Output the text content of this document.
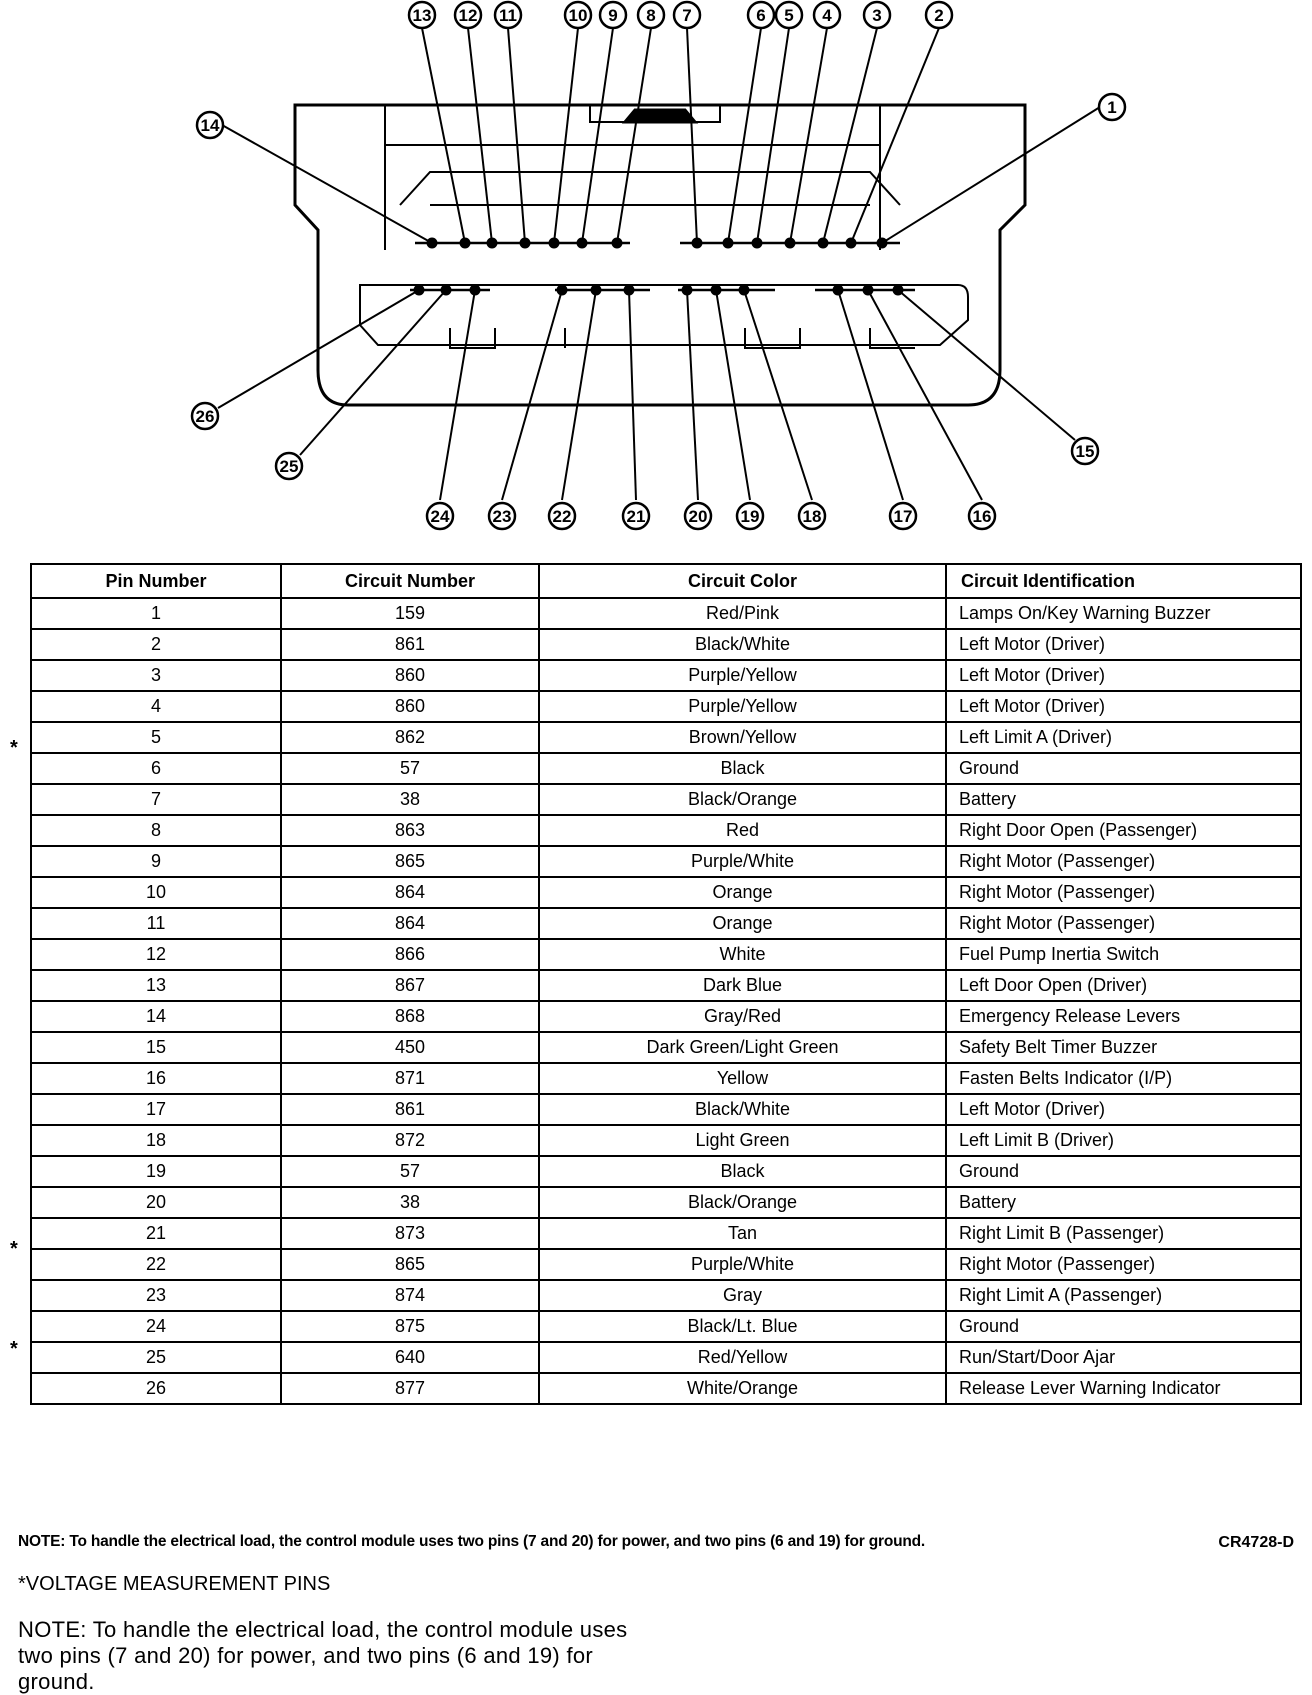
13 12 11	10 9 8 7	6 5 4 3	2
14
1
24	23 22	21	20 19	18	17	16
26
25
15
Pin Number	Circuit Number	Circuit Color	Circuit Identification
1	159	Red/Pink	Lamps On/Key Warning Buzzer
2	861	Black/White	Left Motor (Driver)
3	860	Purple/Yellow	Left Motor (Driver)
4	860	Purple/Yellow	Left Motor (Driver)
5	862	Brown/Yellow	Left Limit A (Driver)
6	57	Black	Ground
7	38	Black/Orange	Battery
8	863	Red	Right Door Open (Passenger)
9	865	Purple/White	Right Motor (Passenger)
10	864	Orange	Right Motor (Passenger)
11	864	Orange	Right Motor (Passenger)
12	866	White	Fuel Pump Inertia Switch
13	867	Dark Blue	Left Door Open (Driver)
14	868	Gray/Red	Emergency Release Levers
15	450	Dark Green/Light Green	Safety Belt Timer Buzzer
16	871	Yellow	Fasten Belts Indicator (I/P)
17	861	Black/White	Left Motor (Driver)
18	872	Light Green	Left Limit B (Driver)
19	57	Black	Ground
20	38	Black/Orange	Battery
21	873	Tan	Right Limit B (Passenger)
22	865	Purple/White	Right Motor (Passenger)
23	874	Gray	Right Limit A (Passenger)
24	875	Black/Lt. Blue	Ground
25	640	Red/Yellow	Run/Start/Door Ajar
26	877	White/Orange	Release Lever Warning Indicator
*
*
*
NOTE: To handle the electrical load, the control module uses two pins (7 and 20) for power, and two pins (6 and 19) for ground.	CR4728-D
*VOLTAGE MEASUREMENT PINS
NOTE: To handle the electrical load, the control module uses two pins (7 and 20) for power, and two pins (6 and 19) for ground.
